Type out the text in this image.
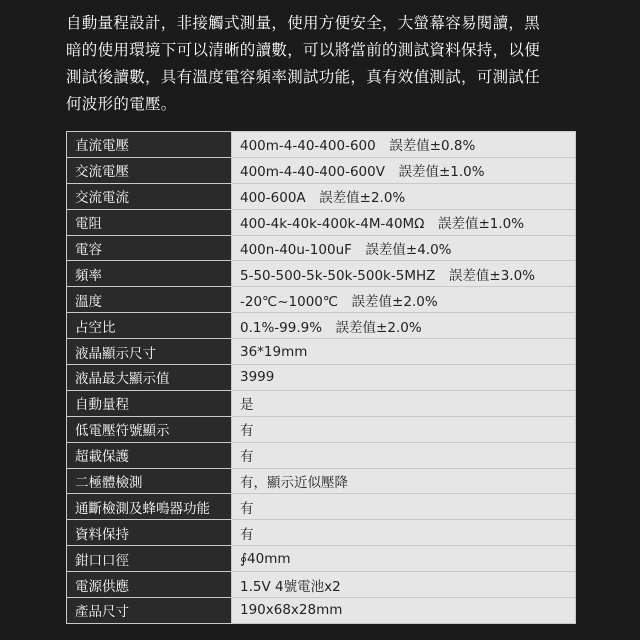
自動量程設計，非接觸式測量，使用方便安全，大螢幕容易閱讀，黑

暗的使用環境下可以清晰的讀數，可以將當前的測試資料保持，以便

測試後讀數，具有溫度電容頻率測試功能，真有效值測試，可測試任

何波形的電壓。

直流電壓	400m-4-40-400-600　誤差值±0.8%
交流電壓	400m-4-40-400-600V　誤差值±1.0%
交流電流	400-600A　誤差值±2.0%
電阻	400-4k-40k-400k-4M-40MΩ　誤差值±1.0%
電容	400n-40u-100uF　誤差值±4.0%
頻率	5-50-500-5k-50k-500k-5MHZ　誤差值±3.0%
溫度	-20℃~1000℃　誤差值±2.0%
占空比	0.1%-99.9%　誤差值±2.0%
液晶顯示尺寸	36*19mm
液晶最大顯示值	3999
自動量程	是
低電壓符號顯示	有
超載保護	有
二極體檢測	有，顯示近似壓降
通斷檢測及蜂鳴器功能	有
資料保持	有
鉗口口徑	∮40mm
電源供應	1.5V 4號電池x2
產品尺寸	190x68x28mm
